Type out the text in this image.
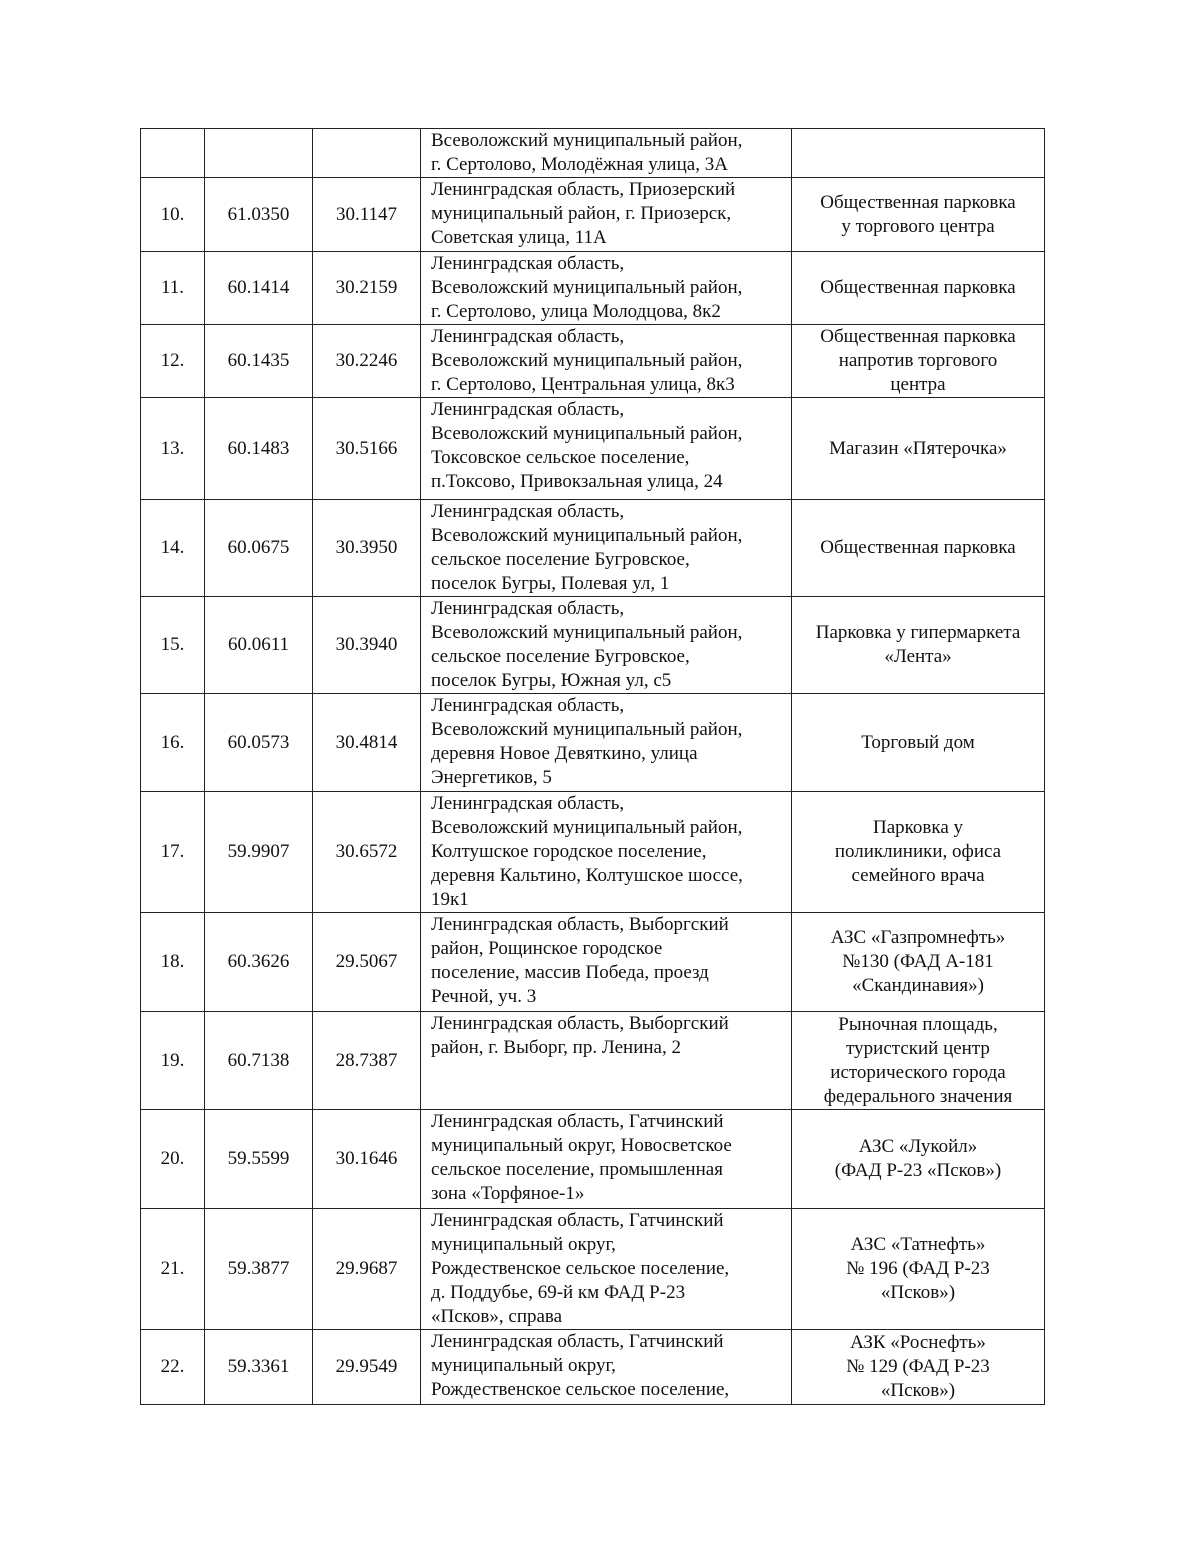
			Всеволожский муниципальный район,
г. Сертолово, Молодёжная улица, 3А	

10.	61.0350	30.1147	Ленинградская область, Приозерский
муниципальный район, г. Приозерск,
Советская улица, 11А	Общественная парковка
у торгового центра

11.	60.1414	30.2159	Ленинградская область,
Всеволожский муниципальный район,
г. Сертолово, улица Молодцова, 8к2	Общественная парковка

12.	60.1435	30.2246	Ленинградская область,
Всеволожский муниципальный район,
г. Сертолово, Центральная улица, 8к3	Общественная парковка
напротив торгового
центра

13.	60.1483	30.5166	Ленинградская область,
Всеволожский муниципальный район,
Токсовское сельское поселение,
п.Токсово, Привокзальная улица, 24	Магазин «Пятерочка»

14.	60.0675	30.3950	Ленинградская область,
Всеволожский муниципальный район,
сельское поселение Бугровское,
поселок Бугры, Полевая ул, 1	Общественная парковка

15.	60.0611	30.3940	Ленинградская область,
Всеволожский муниципальный район,
сельское поселение Бугровское,
поселок Бугры, Южная ул, с5	Парковка у гипермаркета
«Лента»

16.	60.0573	30.4814	Ленинградская область,
Всеволожский муниципальный район,
деревня Новое Девяткино, улица
Энергетиков, 5	Торговый дом

17.	59.9907	30.6572	Ленинградская область,
Всеволожский муниципальный район,
Колтушское городское поселение,
деревня Кальтино, Колтушское шоссе,
19к1	Парковка у
поликлиники, офиса
семейного врача

18.	60.3626	29.5067	Ленинградская область, Выборгский
район, Рощинское городское
поселение, массив Победа, проезд
Речной, уч. 3	АЗС «Газпромнефть»
№130 (ФАД А-181
«Скандинавия»)

19.	60.7138	28.7387	Ленинградская область, Выборгский
район, г. Выборг, пр. Ленина, 2	Рыночная площадь,
туристский центр
исторического города
федерального значения

20.	59.5599	30.1646	Ленинградская область, Гатчинский
муниципальный округ, Новосветское
сельское поселение, промышленная
зона «Торфяное-1»	АЗС «Лукойл»
(ФАД Р-23 «Псков»)

21.	59.3877	29.9687	Ленинградская область, Гатчинский
муниципальный округ,
Рождественское сельское поселение,
д. Поддубье, 69-й км ФАД Р-23
«Псков», справа	АЗС «Татнефть»
№ 196 (ФАД Р-23
«Псков»)

22.	59.3361	29.9549	Ленинградская область, Гатчинский
муниципальный округ,
Рождественское сельское поселение,	АЗК «Роснефть»
№ 129 (ФАД Р-23
«Псков»)
